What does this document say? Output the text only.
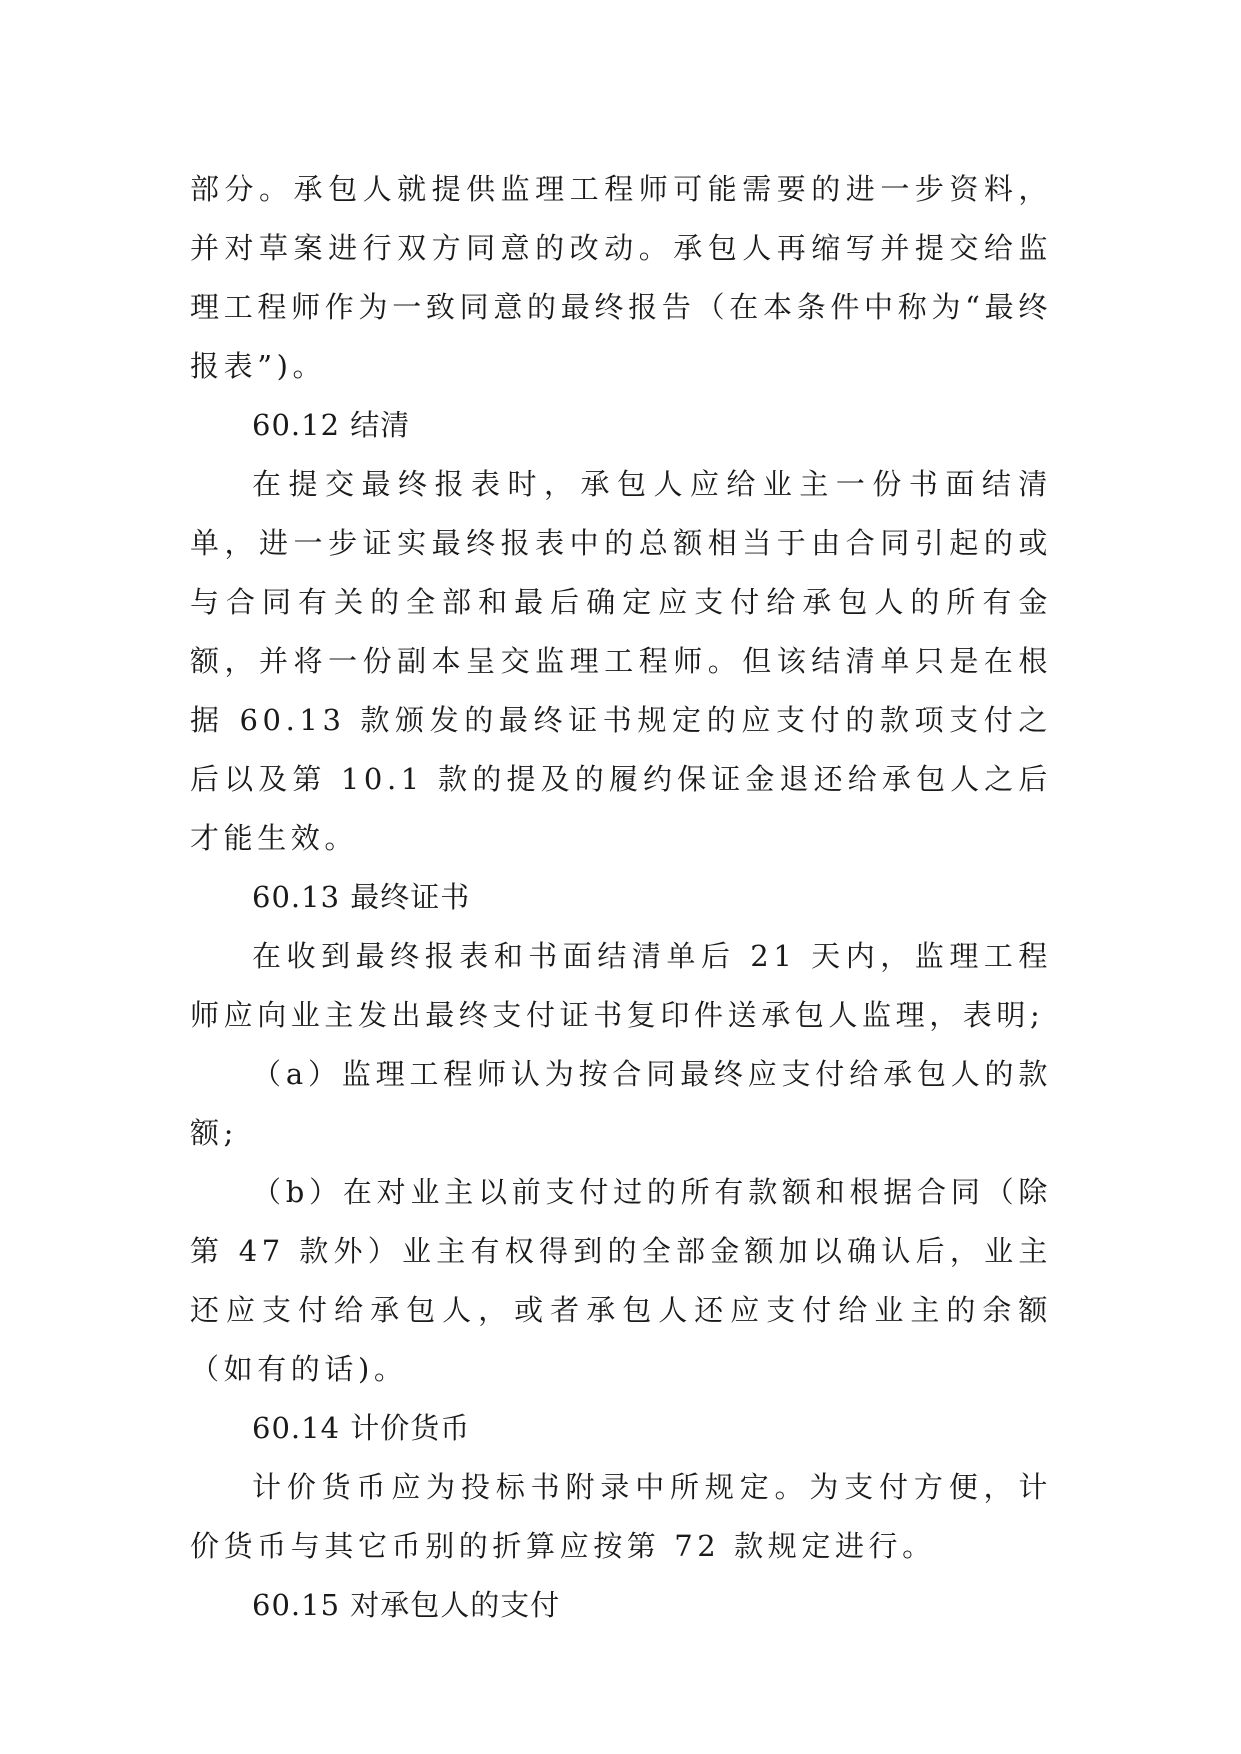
部分。承包人就提供监理工程师可能需要的进一步资料，并对草案进行双方同意的改动。承包人再缩写并提交给监理工程师作为一致同意的最终报告（在本条件中称为“最终报表”)。

60.12 结清

在提交最终报表时，承包人应给业主一份书面结清单，进一步证实最终报表中的总额相当于由合同引起的或与合同有关的全部和最后确定应支付给承包人的所有金额，并将一份副本呈交监理工程师。但该结清单只是在根据 60.13 款颁发的最终证书规定的应支付的款项支付之后以及第 10.1 款的提及的履约保证金退还给承包人之后才能生效。

60.13 最终证书

在收到最终报表和书面结清单后 21 天内，监理工程师应向业主发出最终支付证书复印件送承包人监理，表明;

（a）监理工程师认为按合同最终应支付给承包人的款额;

（b）在对业主以前支付过的所有款额和根据合同（除第 47 款外）业主有权得到的全部金额加以确认后，业主还应支付给承包人，或者承包人还应支付给业主的余额（如有的话)。

60.14 计价货币

计价货币应为投标书附录中所规定。为支付方便，计价货币与其它币别的折算应按第 72 款规定进行。

60.15 对承包人的支付
